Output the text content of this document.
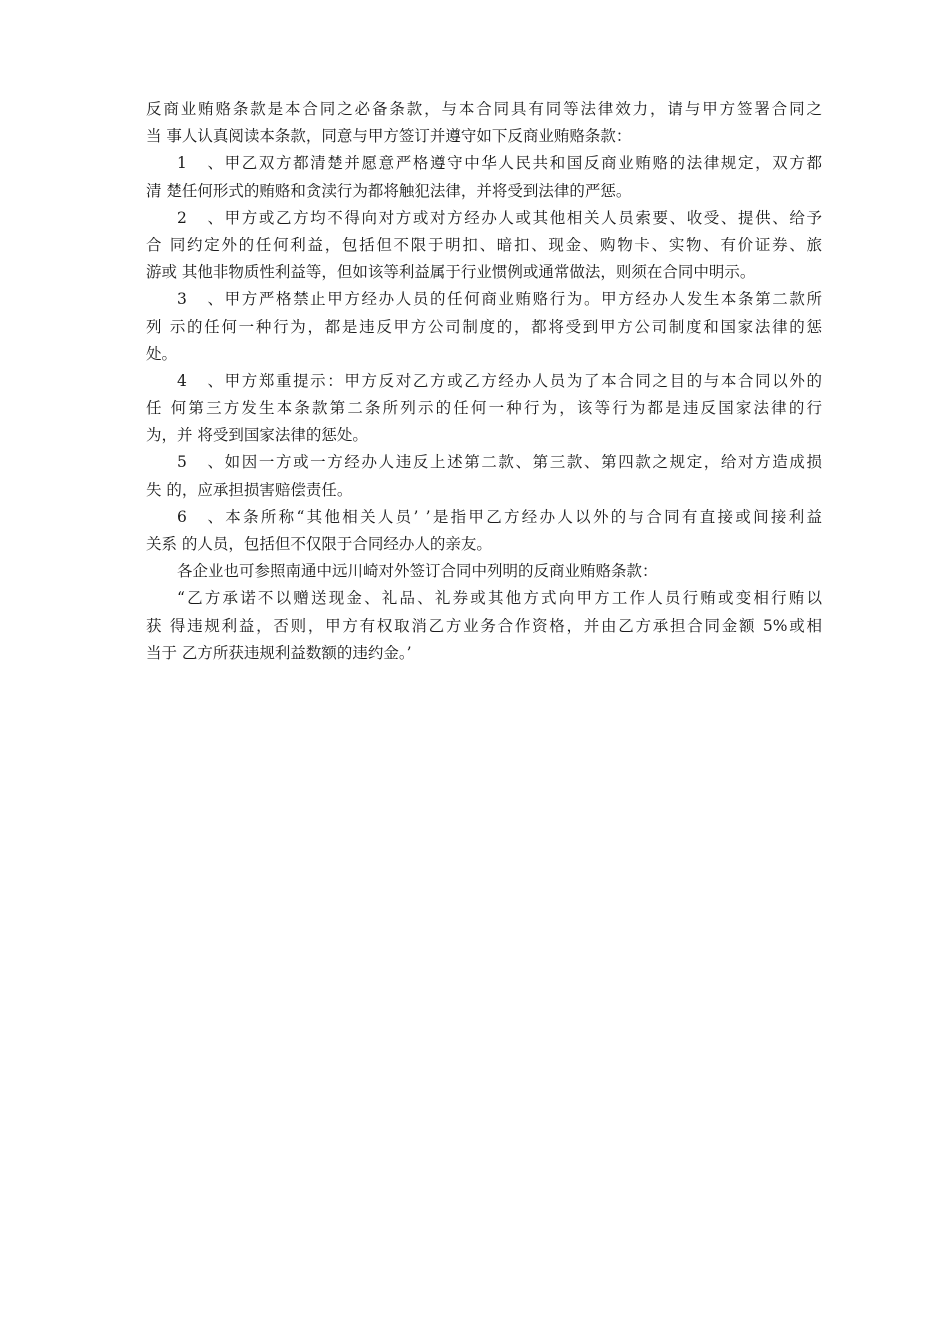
反商业贿赂条款是本合同之必备条款，与本合同具有同等法律效力，请与甲方签署合同之
当 事人认真阅读本条款，同意与甲方签订并遵守如下反商业贿赂条款：
1、甲乙双方都清楚并愿意严格遵守中华人民共和国反商业贿赂的法律规定，双方都
清 楚任何形式的贿赂和贪渎行为都将触犯法律，并将受到法律的严惩。
2、甲方或乙方均不得向对方或对方经办人或其他相关人员索要、收受、提供、给予
合 同约定外的任何利益，包括但不限于明扣、暗扣、现金、购物卡、实物、有价证券、旅
游或 其他非物质性利益等，但如该等利益属于行业惯例或通常做法，则须在合同中明示。
3、甲方严格禁止甲方经办人员的任何商业贿赂行为。甲方经办人发生本条第二款所
列 示的任何一种行为，都是违反甲方公司制度的，都将受到甲方公司制度和国家法律的惩
处。
4、甲方郑重提示：甲方反对乙方或乙方经办人员为了本合同之目的与本合同以外的
任 何第三方发生本条款第二条所列示的任何一种行为，该等行为都是违反国家法律的行
为，并 将受到国家法律的惩处。
5、如因一方或一方经办人违反上述第二款、第三款、第四款之规定，给对方造成损
失 的，应承担损害赔偿责任。
6、本条所称“其他相关人员’ ’是指甲乙方经办人以外的与合同有直接或间接利益
关系 的人员，包括但不仅限于合同经办人的亲友。
各企业也可参照南通中远川崎对外签订合同中列明的反商业贿赂条款：
“乙方承诺不以赠送现金、礼品、礼券或其他方式向甲方工作人员行贿或变相行贿以
获 得违规利益，否则，甲方有权取消乙方业务合作资格，并由乙方承担合同金额 5%或相
当于 乙方所获违规利益数额的违约金。’
